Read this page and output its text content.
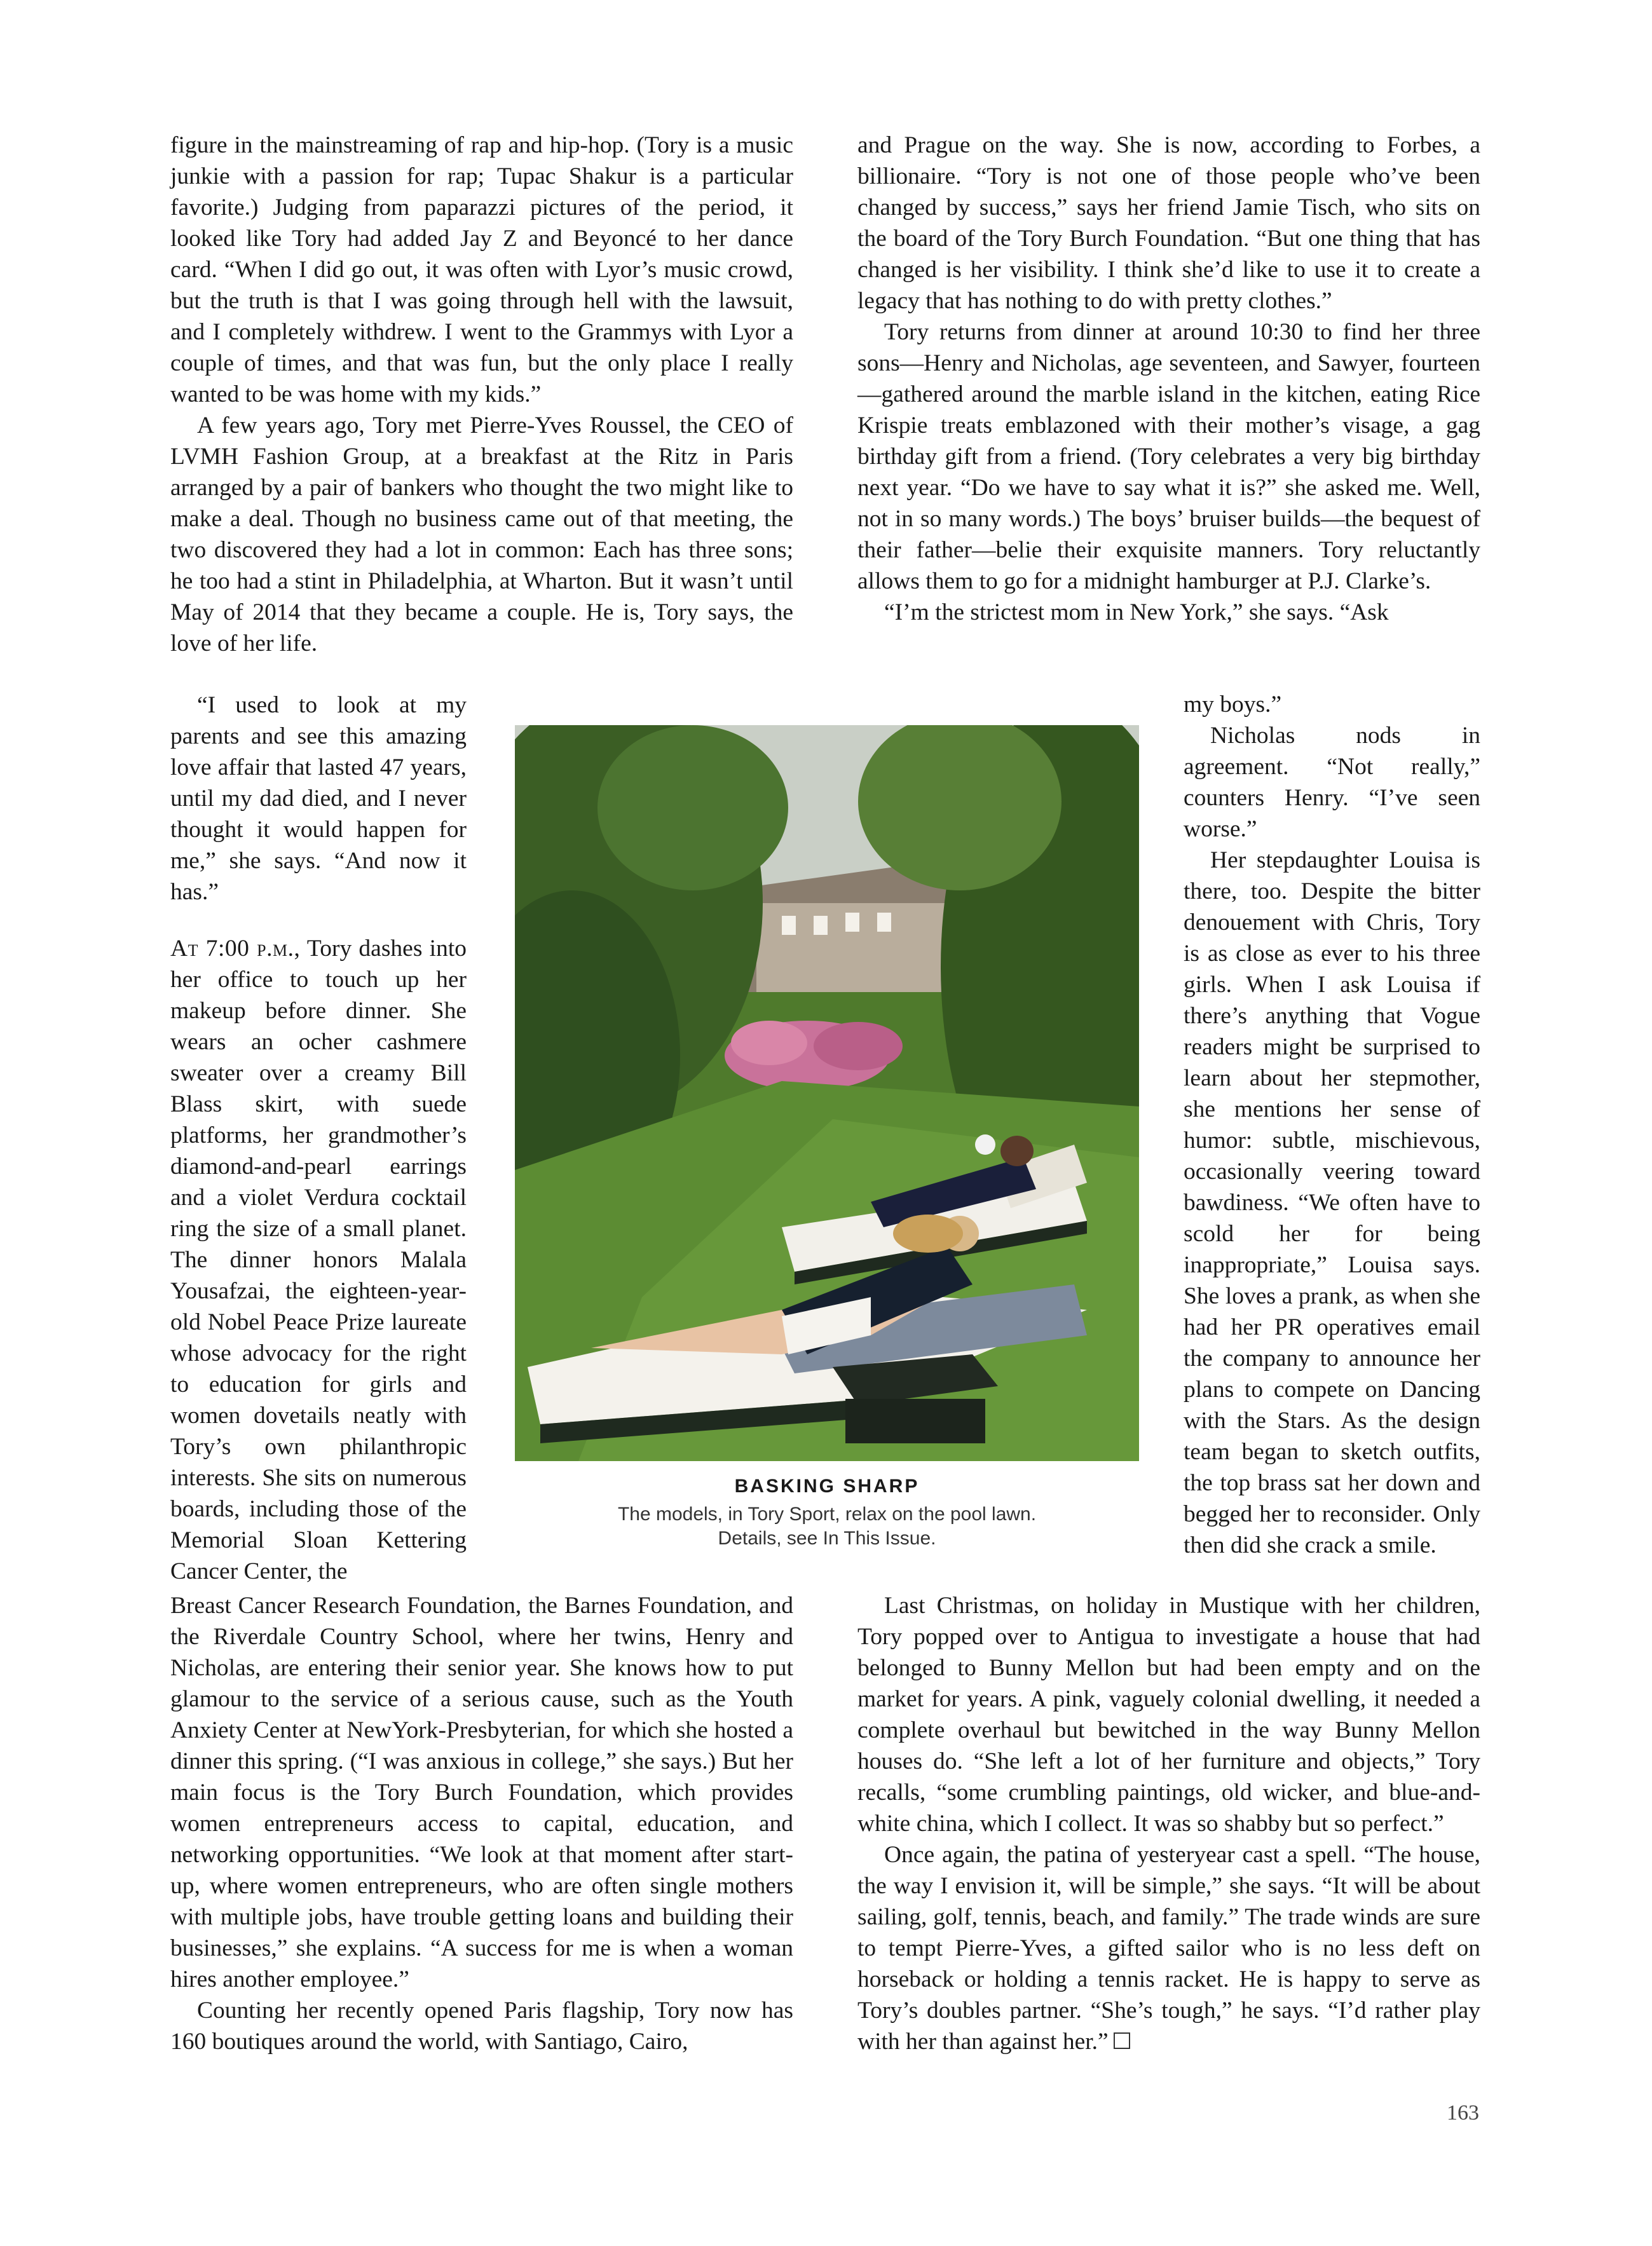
figure in the mainstreaming of rap and hip-hop. (Tory is a music junkie with a passion for rap; Tupac Shakur is a particular favorite.) Judging from paparazzi pictures of the period, it looked like Tory had added Jay Z and Beyoncé to her dance card. “When I did go out, it was often with Lyor’s music crowd, but the truth is that I was going through hell with the lawsuit, and I completely withdrew. I went to the Grammys with Lyor a couple of times, and that was fun, but the only place I really wanted to be was home with my kids.”

A few years ago, Tory met Pierre-Yves Roussel, the CEO of LVMH Fashion Group, at a breakfast at the Ritz in Paris arranged by a pair of bankers who thought the two might like to make a deal. Though no business came out of that meeting, the two discovered they had a lot in common: Each has three sons; he too had a stint in Philadelphia, at Wharton. But it wasn’t until May of 2014 that they became a couple. He is, Tory says, the love of her life.

“I used to look at my parents and see this amazing love affair that lasted 47 years, until my dad died, and I never thought it would happen for me,” she says. “And now it has.”

At 7:00 p.m., Tory dashes into her office to touch up her makeup before dinner. She wears an ocher cashmere sweater over a creamy Bill Blass skirt, with suede platforms, her grandmother’s diamond-and-pearl earrings and a violet Verdura cocktail ring the size of a small planet. The dinner honors Malala Yousafzai, the eighteen-year-old Nobel Peace Prize laureate whose advocacy for the right to education for girls and women dovetails neatly with Tory’s own philanthropic interests. She sits on numerous boards, including those of the Memorial Sloan Kettering Cancer Center, the

Breast Cancer Research Foundation, the Barnes Foundation, and the Riverdale Country School, where her twins, Henry and Nicholas, are entering their senior year. She knows how to put glamour to the service of a serious cause, such as the Youth Anxiety Center at NewYork-Presbyterian, for which she hosted a dinner this spring. (“I was anxious in college,” she says.) But her main focus is the Tory Burch Foundation, which provides women entrepreneurs access to capital, education, and networking opportunities. “We look at that moment after start-up, where women entrepreneurs, who are often single mothers with multiple jobs, have trouble getting loans and building their businesses,” she explains. “A success for me is when a woman hires another employee.”

Counting her recently opened Paris flagship, Tory now has 160 boutiques around the world, with Santiago, Cairo,

and Prague on the way. She is now, according to Forbes, a billionaire. “Tory is not one of those people who’ve been changed by success,” says her friend Jamie Tisch, who sits on the board of the Tory Burch Foundation. “But one thing that has changed is her visibility. I think she’d like to use it to create a legacy that has nothing to do with pretty clothes.”

Tory returns from dinner at around 10:30 to find her three sons—Henry and Nicholas, age seventeen, and Sawyer, fourteen—gathered around the marble island in the kitchen, eating Rice Krispie treats emblazoned with their mother’s visage, a gag birthday gift from a friend. (Tory celebrates a very big birthday next year. “Do we have to say what it is?” she asked me. Well, not in so many words.) The boys’ bruiser builds—the bequest of their father—belie their exquisite manners. Tory reluctantly allows them to go for a midnight hamburger at P.J. Clarke’s.

“I’m the strictest mom in New York,” she says. “Ask

my boys.”

Nicholas nods in agreement. “Not really,” counters Henry. “I’ve seen worse.”

Her stepdaughter Louisa is there, too. Despite the bitter denouement with Chris, Tory is as close as ever to his three girls. When I ask Louisa if there’s anything that Vogue readers might be surprised to learn about her stepmother, she mentions her sense of humor: subtle, mischievous, occasionally veering toward bawdiness. “We often have to scold her for being inappropriate,” Louisa says. She loves a prank, as when she had her PR operatives email the company to announce her plans to compete on Dancing with the Stars. As the design team began to sketch outfits, the top brass sat her down and begged her to reconsider. Only then did she crack a smile.

Last Christmas, on holiday in Mustique with her children, Tory popped over to Antigua to investigate a house that had belonged to Bunny Mellon but had been empty and on the market for years. A pink, vaguely colonial dwelling, it needed a complete overhaul but bewitched in the way Bunny Mellon houses do. “She left a lot of her furniture and objects,” Tory recalls, “some crumbling paintings, old wicker, and blue-and-white china, which I collect. It was so shabby but so perfect.”

Once again, the patina of yesteryear cast a spell. “The house, the way I envision it, will be simple,” she says. “It will be about sailing, golf, tennis, beach, and family.” The trade winds are sure to tempt Pierre-Yves, a gifted sailor who is no less deft on horseback or holding a tennis racket. He is happy to serve as Tory’s doubles partner. “She’s tough,” he says. “I’d rather play with her than against her.”

BASKING SHARP
The models, in Tory Sport, relax on the pool lawn. Details, see In This Issue.
163
